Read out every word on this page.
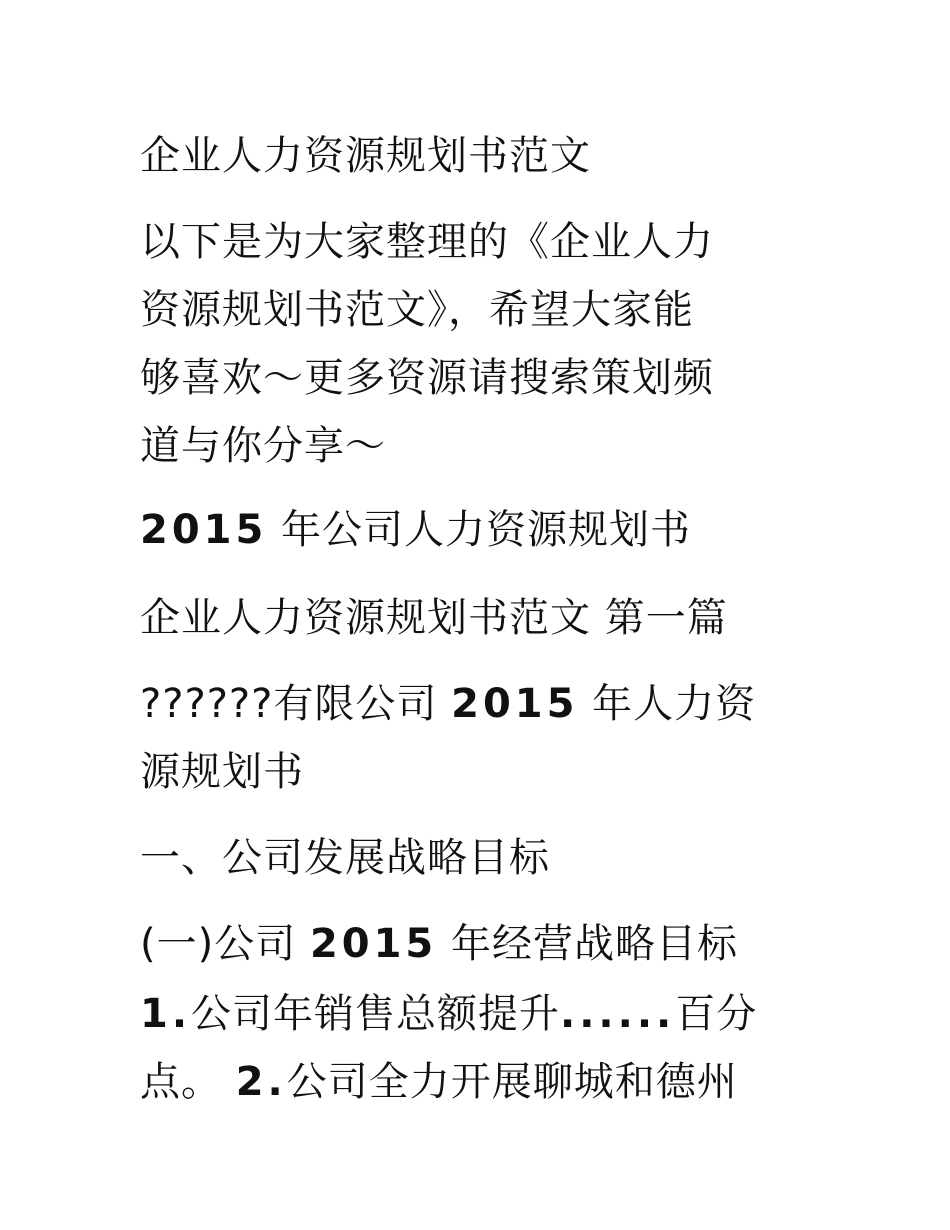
企业人力资源规划书范文
以下是为大家整理的《企业人力
资源规划书范文》，希望大家能
够喜欢～更多资源请搜索策划频
道与你分享～
2015 年公司人力资源规划书
企业人力资源规划书范文 第一篇
??????有限公司 2015 年人力资
源规划书
一、公司发展战略目标
(一)公司 2015 年经营战略目标
1.公司年销售总额提升......百分
点。 2.公司全力开展聊城和德州
